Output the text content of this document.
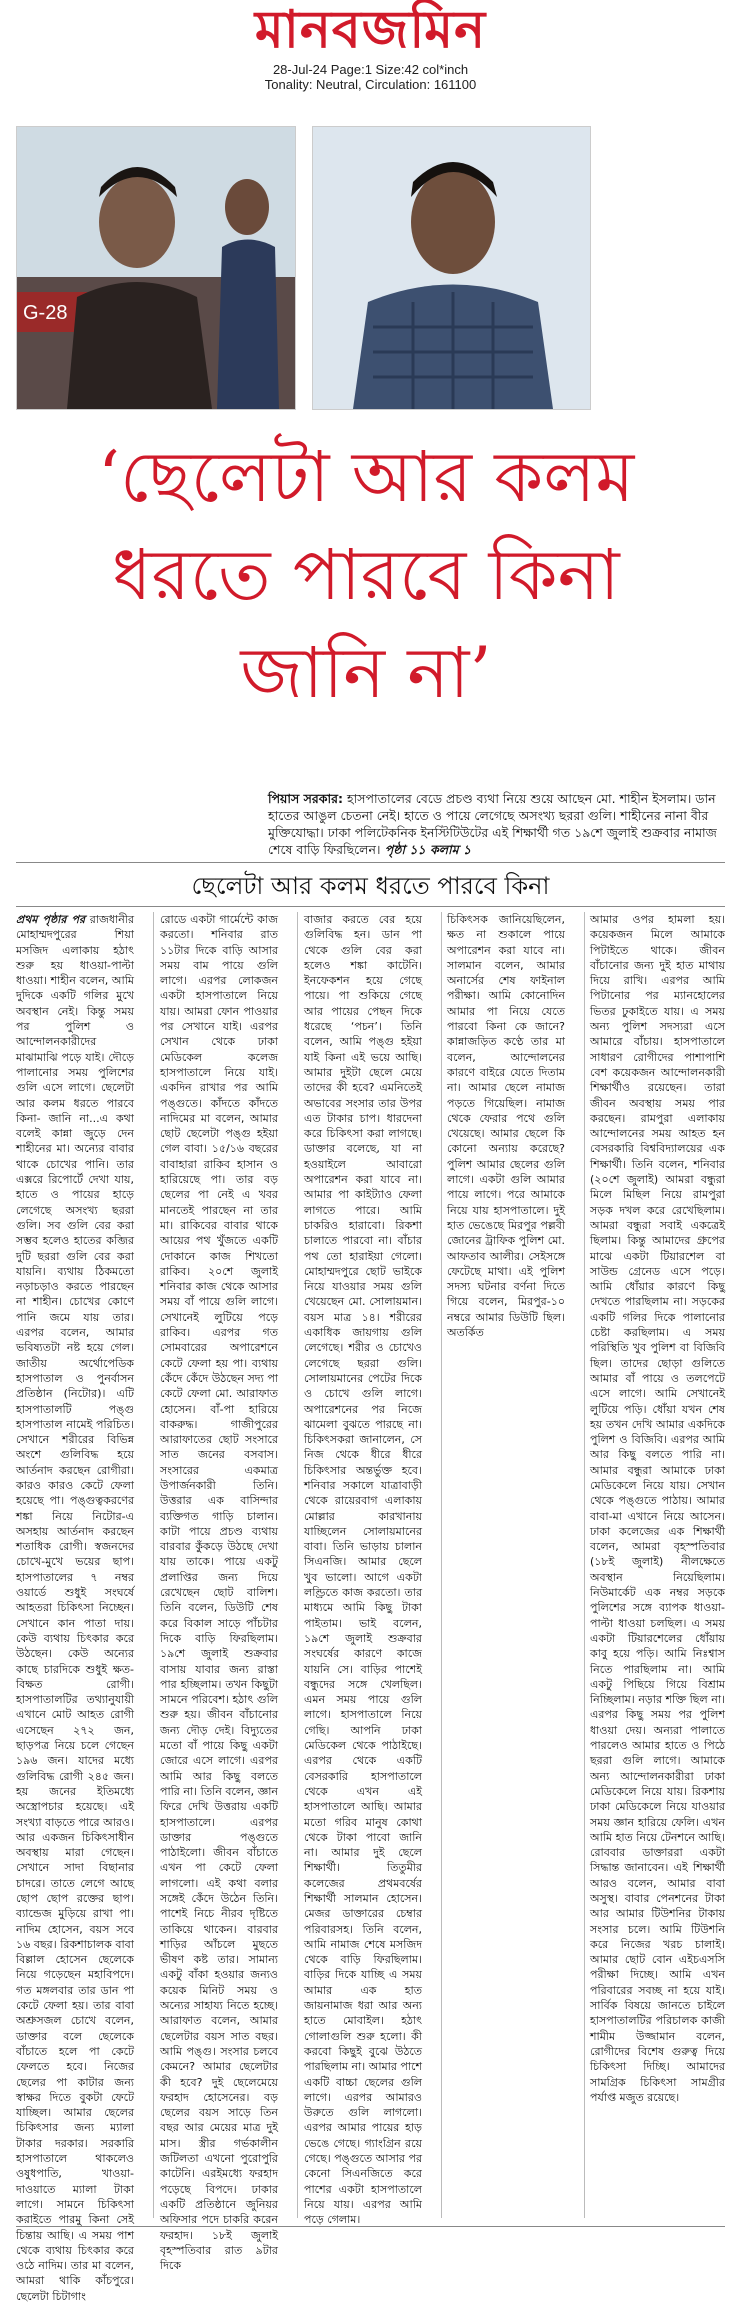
মানবজমিন
28-Jul-24 Page:1 Size:42 col*inch
Tonality: Neutral, Circulation: 161100
G-28
‘ছেলেটা আর কলম
ধরতে পারবে কিনা
জানি না’
পিয়াস সরকার: হাসপাতালের বেডে প্রচণ্ড ব্যথা নিয়ে শুয়ে আছেন মো. শাহীন ইসলাম। ডান হাতের আঙুল চেতনা নেই। হাতে ও পায়ে লেগেছে অসংখ্য ছররা গুলি। শাহীনের নানা বীর মুক্তিযোদ্ধা। ঢাকা পলিটেকনিক ইনস্টিটিউটের এই শিক্ষার্থী গত ১৯শে জুলাই শুক্রবার নামাজ শেষে বাড়ি ফিরছিলেন। পৃষ্ঠা ১১ কলাম ১
ছেলেটা আর কলম ধরতে পারবে কিনা

প্রথম পৃষ্ঠার পর রাজধানীর মোহাম্মদপুরের শিয়া মসজিদ এলাকায় হঠাৎ শুরু হয় ধাওয়া-পাল্টা ধাওয়া। শাহীন বলেন, আমি দুদিকে একটি গলির মুখে অবস্থান নেই। কিন্তু সময় পর পুলিশ ও আন্দোলনকারীদের মাঝামাঝি পড়ে যাই। দৌড়ে পালানোর সময় পুলিশের গুলি এসে লাগে। ছেলেটা আর কলম ধরতে পারবে কিনা- জানি না...এ কথা বলেই কান্না জুড়ে দেন শাহীনের মা। অন্যের বাবার থাকে চোখের পানি। তার এক্সরে রিপোর্টে দেখা যায়, হাতে ও পায়ের হাড়ে লেগেছে অসংখ্য ছররা গুলি। সব গুলি বের করা সম্ভব হলেও হাতের কব্জির দুটি ছররা গুলি বের করা যায়নি। ব্যথায় ঠিকমতো নড়াচড়াও করতে পারছেন না শাহীন। চোখের কোণে পানি জমে যায় তার। এরপর বলেন, আমার ভবিষ্যতটা নষ্ট হয়ে গেল। জাতীয় অর্থোপেডিক হাসপাতাল ও পুনর্বাসন প্রতিষ্ঠান (নিটোর)। এটি হাসপাতালটি পঙ্গু হাসপাতাল নামেই পরিচিত। সেখানে শরীরের বিভিন্ন অংশে গুলিবিদ্ধ হয়ে আর্তনাদ করছেন রোগীরা। কারও কারও কেটে ফেলা হয়েছে পা। পঙ্গুত্বকরণের শঙ্কা নিয়ে নিটোর-এ অসহায় আর্তনাদ করছেন শতাধিক রোগী। স্বজনদের চোখে-মুখে ভয়ের ছাপ। হাসপাতালের ৭ নম্বর ওয়ার্ডে শুধুই সংঘর্ষে আহতরা চিকিৎসা নিচ্ছেন। সেখানে কান পাতা দায়। কেউ ব্যথায় চিৎকার করে উঠছেন। কেউ অন্যের কাছে চারদিকে শুধুই ক্ষত-বিক্ষত রোগী। হাসপাতালটির তথ্যানুযায়ী এখানে মোট আহত রোগী এসেছেন ২৭২ জন, ছাড়পত্র নিয়ে চলে গেছেন ১৯৬ জন। যাদের মধ্যে গুলিবিদ্ধ রোগী ২৪৫ জন। হয় জনের ইতিমধ্যে অস্ত্রোপচার হয়েছে। এই সংখ্যা বাড়তে পারে আরও। আর একজন চিকিৎসাধীন অবস্থায় মারা গেছেন। সেখানে সাদা বিছানার চাদরে। তাতে লেগে আছে ছোপ ছোপ রক্তের ছাপ। ব্যান্ডেজ মুড়িয়ে রাখা পা। নাদিম হোসেন, বয়স সবে ১৬ বছর। রিকশাচালক বাবা বিল্লাল হোসেন ছেলেকে নিয়ে গড়েছেন মহাবিপদে। গত মঙ্গলবার তার ডান পা কেটে ফেলা হয়। তার বাবা অশ্রুসজল চোখে বলেন, ডাক্তার বলে ছেলেকে বাঁচাতে হলে পা কেটে ফেলতে হবে। নিজের ছেলের পা কাটার জন্য স্বাক্ষর দিতে বুকটা ফেটে যাচ্ছিল। আমার ছেলের চিকিৎসার জন্য ম্যালা টাকার দরকার। সরকারি হাসপাতালে থাকলেও ওষুধপাতি, খাওয়া-দাওয়াতে ম্যালা টাকা লাগে। সামনে চিকিৎসা করাইতে পারমু কিনা সেই চিন্তায় আছি। এ সময় পাশ থেকে ব্যথায় চিৎকার করে ওঠে নাদিম। তার মা বলেন, আমরা থাকি কাঁচপুরে। ছেলেটা চিটাগাং

রোডে একটা গার্মেন্টে কাজ করতো। শনিবার রাত ১১টার দিকে বাড়ি আসার সময় বাম পায়ে গুলি লাগে। এরপর লোকজন একটা হাসপাতালে নিয়ে যায়। আমরা ফোন পাওয়ার পর সেখানে যাই। এরপর সেখান থেকে ঢাকা মেডিকেল কলেজ হাসপাতালে নিয়ে যাই। একদিন রাখার পর আমি পঙ্গুতে। কাঁদতে কাঁদতে নাদিমের মা বলেন, আমার ছোট ছেলেটা পঙ্গু হইয়া গেল বাবা। ১৫/১৬ বছরের বাবাহারা রাকিব হাসান ও হারিয়েছে পা। তার বড় ছেলের পা নেই এ খবর মানতেই পারছেন না তার মা। রাকিবের বাবার থাকে আয়ের পথ খুঁজতে একটি দোকানে কাজ শিখতো রাকিব। ২০শে জুলাই শনিবার কাজ থেকে আসার সময় বাঁ পায়ে গুলি লাগে। সেখানেই লুটিয়ে পড়ে রাকিব। এরপর গত সোমবারের অপারেশনে কেটে ফেলা হয় পা। ব্যথায় কেঁদে কেঁদে উঠছেন সদ্য পা কেটে ফেলা মো. আরাফাত হোসেন। বাঁ-পা হারিয়ে বাকরুদ্ধ। গাজীপুরের আরাফাতের ছোট সংসারে সাত জনের বসবাস। সংসারের একমাত্র উপার্জনকারী তিনি। উত্তরার এক বাসিন্দার ব্যক্তিগত গাড়ি চালান। কাটা পায়ে প্রচণ্ড ব্যথায় বারবার কুঁকড়ে উঠছে দেখা যায় তাকে। পায়ে একটু প্রলাপ্তির জন্য দিয়ে রেখেছেন ছোট বালিশ। তিনি বলেন, ডিউটি শেষ করে বিকাল সাড়ে পাঁচটার দিকে বাড়ি ফিরছিলাম। ১৯শে জুলাই শুক্রবার বাসায় যাবার জন্য রাস্তা পার হচ্ছিলাম। তখন কিছুটা সামনে পরিবেশ। হঠাৎ গুলি শুরু হয়। জীবন বাঁচানোর জন্য দৌড় দেই। বিদ্যুতের মতো বাঁ পায়ে কিছু একটা জোরে এসে লাগে। এরপর আমি আর কিছু বলতে পারি না। তিনি বলেন, জ্ঞান ফিরে দেখি উত্তরায় একটি হাসপাতালে। এরপর ডাক্তার পঙ্গুতে পাঠাইলো। জীবন বাঁচাতে এখন পা কেটে ফেলা লাগলো। এই কথা বলার সঙ্গেই কেঁদে উঠেন তিনি। পাশেই নিচে নীরব দৃষ্টিতে তাকিয়ে থাকেন। বারবার শাড়ির আঁচলে মুছতে ভীষণ কষ্ট তার। সামান্য একটু বাঁকা হওয়ার জন্যও কয়েক মিনিট সময় ও অন্যের সাহায্য নিতে হচ্ছে। আরাফাত বলেন, আমার ছেলেটার বয়স সাত বছর। আমি পঙ্গু। সংসার চলবে কেমনে? আমার ছেলেটার কী হবে? দুই ছেলেমেয়ে ফরহাদ হোসেনের। বড় ছেলের বয়স সাড়ে তিন বছর আর মেয়ের মাত্র দুই মাস। স্ত্রীর গর্ভকালীন জটিলতা এখনো পুরোপুরি কাটেনি। এরইমধ্যে ফরহাদ পড়েছে বিপদে। ঢাকার একটি প্রতিষ্ঠানে জুনিয়র অফিসার পদে চাকরি করেন ফরহাদ। ১৮ই জুলাই বৃহস্পতিবার রাত ৯টার দিকে

বাজার করতে বের হয়ে গুলিবিদ্ধ হন। ডান পা থেকে গুলি বের করা হলেও শঙ্কা কাটেনি। ইনফেকশন হয়ে গেছে পায়ে। পা শুকিয়ে গেছে আর পায়ের পেছন দিকে ধরেছে ‘পচন’। তিনি বলেন, আমি পঙ্গু হইয়া যাই কিনা এই ভয়ে আছি। আমার দুইটা ছেলে মেয়ে তাদের কী হবে? এমনিতেই অভাবের সংসার তার উপর এত টাকার চাপ। ধারদেনা করে চিকিৎসা করা লাগছে। ডাক্তার বলেছে, যা না হওয়াইলে আবারো অপারেশন করা যাবে না। আমার পা কাইট্যাও ফেলা লাগতে পারে। আমি চাকরিও হারাবো। রিকশা চালাতে পারবো না। বাঁচার পথ তো হারাইয়া গেলো। মোহাম্মদপুরে ছোট ভাইকে নিয়ে যাওয়ার সময় গুলি খেয়েছেন মো. সোলায়মান। বয়স মাত্র ১৪। শরীরের একাধিক জায়গায় গুলি লেগেছে। শরীর ও চোখেও লেগেছে ছররা গুলি। সোলায়মানের পেটের দিকে ও চোখে গুলি লাগে। অপারেশনের পর নিজে ঝামেলা বুঝতে পারছে না। চিকিৎসকরা জানালেন, সে নিজ থেকে ধীরে ধীরে চিকিৎসার অন্তর্ভুক্ত হবে। শনিবার সকালে যাত্রাবাড়ী থেকে রায়েরবাগ এলাকায় মোল্লার কারখানায় যাচ্ছিলেন সোলায়মানের বাবা। তিনি ভাড়ায় চালান সিএনজি। আমার ছেলে খুব ভালো। আগে একটা লণ্ড্রিতে কাজ করতো। তার মাধ্যমে আমি কিছু টাকা পাইতাম। ভাই বলেন, ১৯শে জুলাই শুক্রবার সংঘর্ষের কারণে কাজে যায়নি সে। বাড়ির পাশেই বন্ধুদের সঙ্গে খেলছিল। এমন সময় পায়ে গুলি লাগে। হাসপাতালে নিয়ে গেছি। আপনি ঢাকা মেডিকেল থেকে পাঠাইছে। এরপর থেকে একটি বেসরকারি হাসপাতালে থেকে এখন এই হাসপাতালে আছি। আমার মতো গরিব মানুষ কোথা থেকে টাকা পাবো জানি না। আমার দুই ছেলে শিক্ষার্থী। তিতুমীর কলেজের প্রথমবর্ষের শিক্ষার্থী সালমান হোসেন। মেজর ডাক্তারের চেম্বার পরিবারসহ। তিনি বলেন, আমি নামাজ শেষে মসজিদ থেকে বাড়ি ফিরছিলাম। বাড়ির দিকে যাচ্ছি এ সময় আমার এক হাত জায়নামাজ ধরা আর অন্য হাতে মোবাইল। হঠাৎ গোলাগুলি শুরু হলো। কী করবো কিছুই বুঝে উঠতে পারছিলাম না। আমার পাশে একটি বাচ্চা ছেলের গুলি লাগে। এরপর আমারও উরুতে গুলি লাগলো। এরপর আমার পায়ের হাড় ভেঙে গেছে। গ্যাংগ্রিন রয়ে গেছে। পঙ্গুতে আসার পর কেনো সিএনজিতে করে পাশের একটা হাসপাতালে নিয়ে যায়। এরপর আমি পড়ে গেলাম।

চিকিৎসক জানিয়েছিলেন, ক্ষত না শুকালে পায়ে অপারেশন করা যাবে না। সালমান বলেন, আমার অনার্সের শেষ ফাইনাল পরীক্ষা। আমি কোনোদিন আমার পা নিয়ে যেতে পারবো কিনা কে জানে? কান্নাজড়িত কণ্ঠে তার মা বলেন, আন্দোলনের কারণে বাইরে যেতে দিতাম না। আমার ছেলে নামাজ পড়তে গিয়েছিল। নামাজ থেকে ফেরার পথে গুলি খেয়েছে। আমার ছেলে কি কোনো অন্যায় করেছে? পুলিশ আমার ছেলের গুলি লাগে। একটা গুলি আমার পায়ে লাগে। পরে আমাকে নিয়ে যায় হাসপাতালে। দুই হাত ভেঙেছে মিরপুর পল্লবী জোনের ট্রাফিক পুলিশ মো. আফতাব আলীর। সেইসঙ্গে ফেটেছে মাথা। এই পুলিশ সদস্য ঘটনার বর্ণনা দিতে গিয়ে বলেন, মিরপুর-১০ নম্বরে আমার ডিউটি ছিল। অতর্কিত

আমার ওপর হামলা হয়। কয়েকজন মিলে আমাকে পিটাইতে থাকে। জীবন বাঁচানোর জন্য দুই হাত মাথায় দিয়ে রাখি। এরপর আমি পিটানোর পর ম্যানহোলের ভিতর ঢুকাইতে যায়। এ সময় অন্য পুলিশ সদস্যরা এসে আমারে বাঁচায়। হাসপাতালে সাধারণ রোগীদের পাশাপাশি বেশ কয়েকজন আন্দোলনকারী শিক্ষার্থীও রয়েছেন। তারা জীবন অবস্থায় সময় পার করছেন। রামপুরা এলাকায় আন্দোলনের সময় আহত হন বেসরকারি বিশ্ববিদ্যালয়ের এক শিক্ষার্থী। তিনি বলেন, শনিবার (২০শে জুলাই) আমরা বন্ধুরা মিলে মিছিল নিয়ে রামপুরা সড়ক দখল করে রেখেছিলাম। আমরা বন্ধুরা সবাই একত্রেই ছিলাম। কিন্তু আমাদের গ্রুপের মাঝে একটা টিয়ারশেল বা সাউন্ড গ্রেনেড এসে পড়ে। আমি ধোঁয়ার কারণে কিছু দেখতে পারছিলাম না। সড়কের একটি গলির দিকে পালানোর চেষ্টা করছিলাম। এ সময় পরিস্থিতি খুব পুলিশ বা বিজিবি ছিল। তাদের ছোড়া গুলিতে আমার বাঁ পায়ে ও তলপেটে এসে লাগে। আমি সেখানেই লুটিয়ে পড়ি। ধোঁয়া যখন শেষ হয় তখন দেখি আমার একদিকে পুলিশ ও বিজিবি। এরপর আমি আর কিছু বলতে পারি না। আমার বন্ধুরা আমাকে ঢাকা মেডিকেলে নিয়ে যায়। সেখান থেকে পঙ্গুতে পাঠায়। আমার বাবা-মা এখানে নিয়ে আসেন। ঢাকা কলেজের এক শিক্ষার্থী বলেন, আমরা বৃহস্পতিবার (১৮ই জুলাই) নীলক্ষেতে অবস্থান নিয়েছিলাম। নিউমার্কেট এক নম্বর সড়কে পুলিশের সঙ্গে ব্যাপক ধাওয়া-পাল্টা ধাওয়া চলছিল। এ সময় একটা টিয়ারশেলের ধোঁয়ায় কাবু হয়ে পড়ি। আমি নিঃশ্বাস নিতে পারছিলাম না। আমি একটু পিছিয়ে গিয়ে বিশ্রাম নিচ্ছিলাম। নড়ার শক্তি ছিল না। এরপর কিছু সময় পর পুলিশ ধাওয়া দেয়। অন্যরা পালাতে পারলেও আমার হাতে ও পিঠে ছররা গুলি লাগে। আমাকে অন্য আন্দোলনকারীরা ঢাকা মেডিকেলে নিয়ে যায়। রিকশায় ঢাকা মেডিকেলে নিয়ে যাওয়ার সময় জ্ঞান হারিয়ে ফেলি। এখন আমি হাত নিয়ে টেনশনে আছি। রোববার ডাক্তাররা একটা সিদ্ধান্ত জানাবেন। এই শিক্ষার্থী আরও বলেন, আমার বাবা অসুস্থ। বাবার পেনশনের টাকা আর আমার টিউশনির টাকায় সংসার চলে। আমি টিউশনি করে নিজের খরচ চালাই। আমার ছোট বোন এইচএসসি পরীক্ষা দিচ্ছে। আমি এখন পরিবারের সবচ্ছ না হয়ে যাই। সার্বিক বিষয়ে জানতে চাইলে হাসপাতালটির পরিচালক কাজী শামীম উজ্জামান বলেন, রোগীদের বিশেষ গুরুত্ব দিয়ে চিকিৎসা দিচ্ছি। আমাদের সামগ্রিক চিকিৎসা সামগ্রীর পর্যাপ্ত মজুত রয়েছে।
